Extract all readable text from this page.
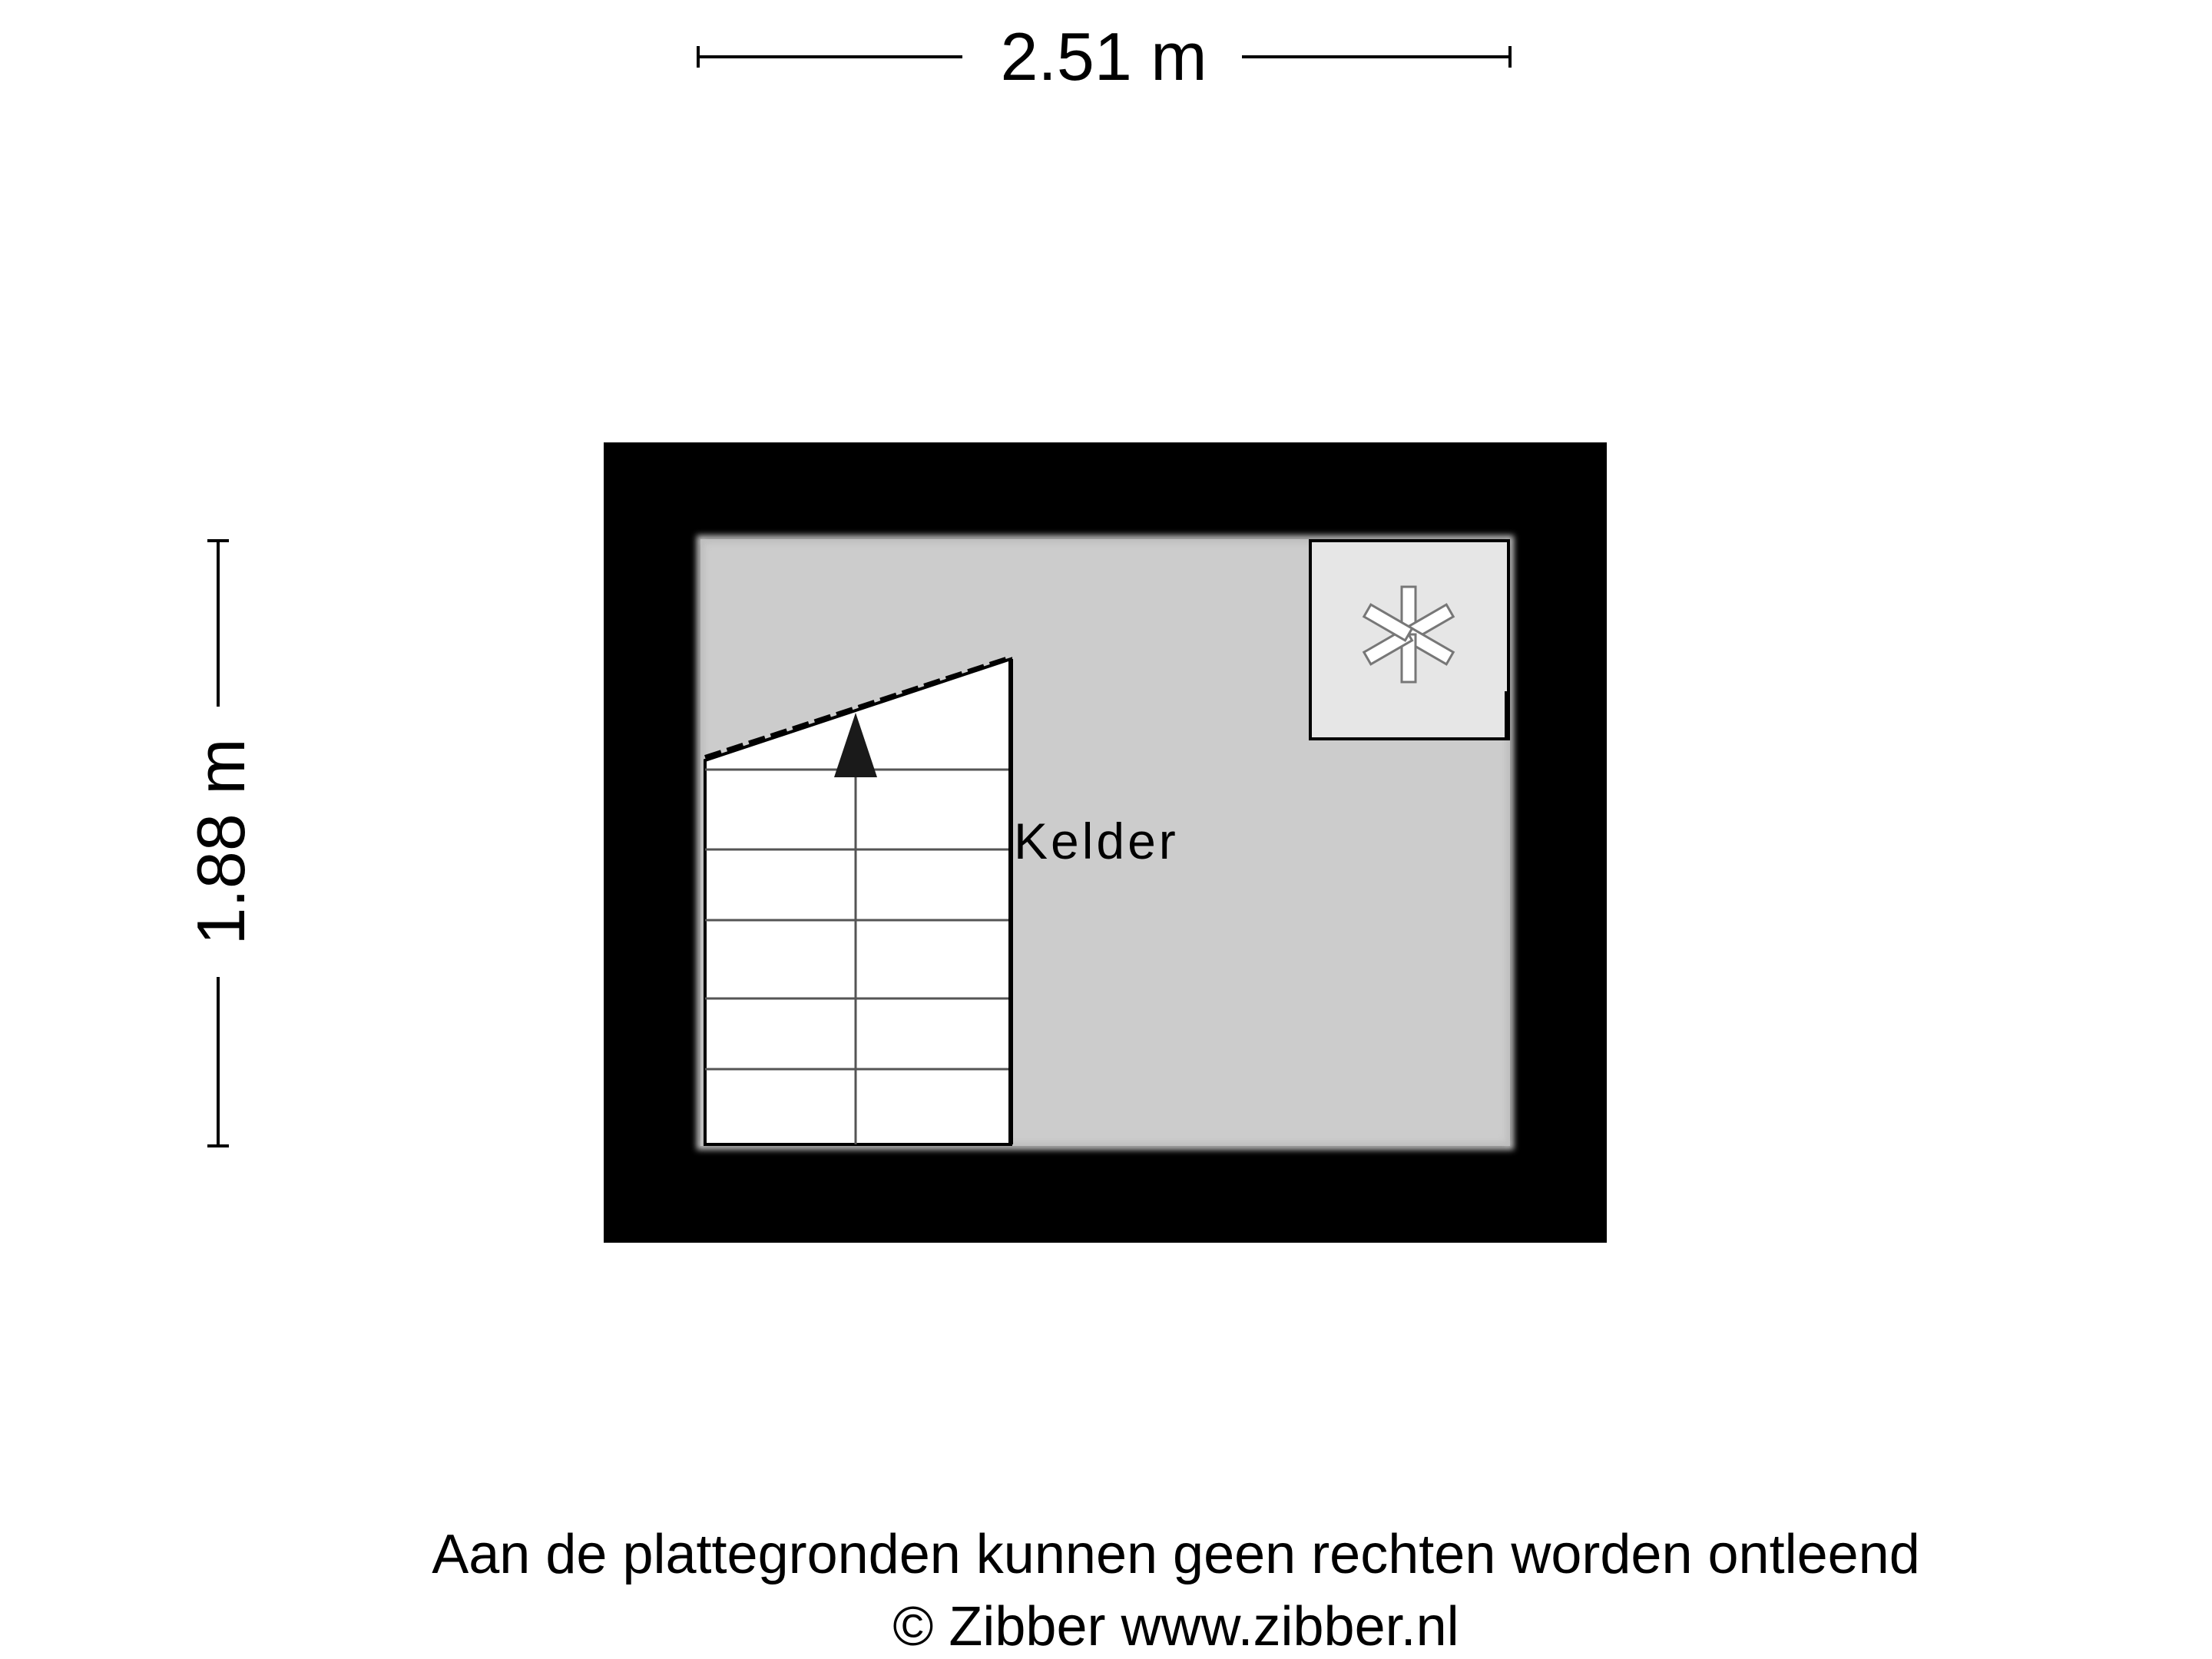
2.51 m
1.88 m	Kelder
Aan de plattegronden kunnen geen rechten worden ontleend
© Zibber www.zibber.nl
